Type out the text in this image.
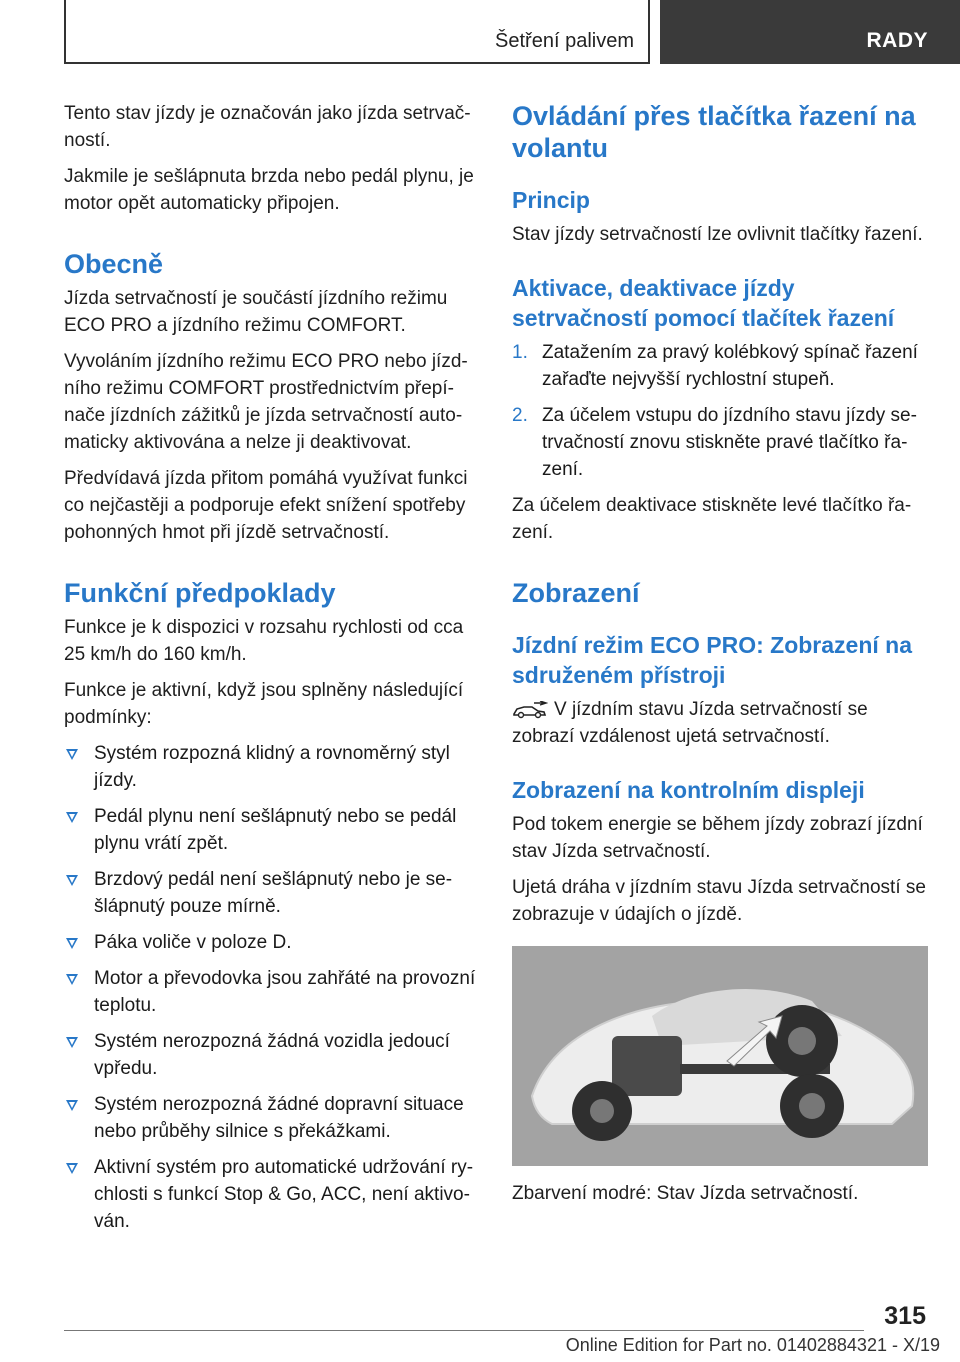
Šetření palivem	RADY

Tento stav jízdy je označován jako jízda setrvačností.

Jakmile je sešlápnuta brzda nebo pedál plynu, je motor opět automaticky připojen.

Obecně

Jízda setrvačností je součástí jízdního režimu ECO PRO a jízdního režimu COMFORT.

Vyvoláním jízdního režimu ECO PRO nebo jízdního režimu COMFORT prostřednictvím přepínače jízdních zážitků je jízda setrvačností automaticky aktivována a nelze ji deaktivovat.

Předvídavá jízda přitom pomáhá využívat funkci co nejčastěji a podporuje efekt snížení spotřeby pohonných hmot při jízdě setrvačností.

Funkční předpoklady

Funkce je k dispozici v rozsahu rychlosti od cca 25 km/h do 160 km/h.

Funkce je aktivní, když jsou splněny následující podmínky:

Systém rozpozná klidný a rovnoměrný styl jízdy.
Pedál plynu není sešlápnutý nebo se pedál plynu vrátí zpět.
Brzdový pedál není sešlápnutý nebo je sešlápnutý pouze mírně.
Páka voliče v poloze D.
Motor a převodovka jsou zahřáté na provozní teplotu.
Systém nerozpozná žádná vozidla jedoucí vpředu.
Systém nerozpozná žádné dopravní situace nebo průběhy silnice s překážkami.
Aktivní systém pro automatické udržování rychlosti s funkcí Stop & Go, ACC, není aktivován.
Ovládání přes tlačítka řazení na volantu
Princip

Stav jízdy setrvačností lze ovlivnit tlačítky řazení.

Aktivace, deaktivace jízdy setrvačností pomocí tlačítek řazení
1. Zatažením za pravý kolébkový spínač řazení zařaďte nejvyšší rychlostní stupeň.
2. Za účelem vstupu do jízdního stavu jízdy setrvačností znovu stiskněte pravé tlačítko řazení.

Za účelem deaktivace stiskněte levé tlačítko řazení.

Zobrazení
Jízdní režim ECO PRO: Zobrazení na sdruženém přístroji

V jízdním stavu Jízda setrvačností se zobrazí vzdálenost ujetá setrvačností.

Zobrazení na kontrolním displeji

Pod tokem energie se během jízdy zobrazí jízdní stav Jízda setrvačností.

Ujetá dráha v jízdním stavu Jízda setrvačností se zobrazuje v údajích o jízdě.

Zbarvení modré: Stav Jízda setrvačností.

315
Online Edition for Part no. 01402884321 - X/19
